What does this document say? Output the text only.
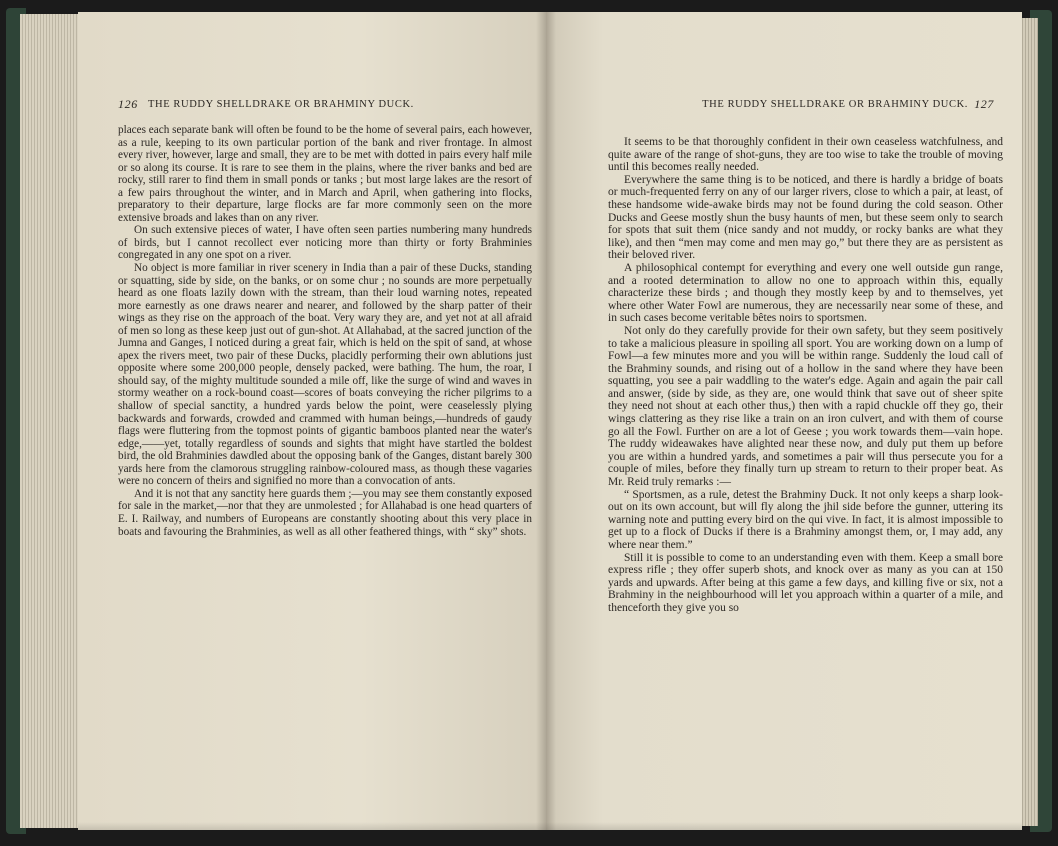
126 THE RUDDY SHELLDRAKE OR BRAHMINY DUCK.

places each separate bank will often be found to be the home of several pairs, each however, as a rule, keeping to its own particular portion of the bank and river frontage. In almost every river, however, large and small, they are to be met with dotted in pairs every half mile or so along its course. It is rare to see them in the plains, where the river banks and bed are rocky, still rarer to find them in small ponds or tanks ; but most large lakes are the resort of a few pairs throughout the winter, and in March and April, when gathering into flocks, preparatory to their departure, large flocks are far more commonly seen on the more extensive broads and lakes than on any river.

On such extensive pieces of water, I have often seen parties numbering many hundreds of birds, but I cannot recollect ever noticing more than thirty or forty Brahminies congregated in any one spot on a river.

No object is more familiar in river scenery in India than a pair of these Ducks, standing or squatting, side by side, on the banks, or on some chur ; no sounds are more perpetually heard as one floats lazily down with the stream, than their loud warning notes, repeated more earnestly as one draws nearer and nearer, and followed by the sharp patter of their wings as they rise on the approach of the boat. Very wary they are, and yet not at all afraid of men so long as these keep just out of gun-shot. At Allahabad, at the sacred junction of the Jumna and Ganges, I noticed during a great fair, which is held on the spit of sand, at whose apex the rivers meet, two pair of these Ducks, placidly performing their own ablutions just opposite where some 200,000 people, densely packed, were bathing. The hum, the roar, I should say, of the mighty multitude sounded a mile off, like the surge of wind and waves in stormy weather on a rock-bound coast—scores of boats conveying the richer pilgrims to a shallow of special sanctity, a hundred yards below the point, were ceaselessly plying backwards and forwards, crowded and crammed with human beings,—hundreds of gaudy flags were fluttering from the topmost points of gigantic bamboos planted near the water's edge,——yet, totally regardless of sounds and sights that might have startled the boldest bird, the old Brahminies dawdled about the opposing bank of the Ganges, distant barely 300 yards here from the clamorous struggling rainbow-coloured mass, as though these vagaries were no concern of theirs and signified no more than a convocation of ants.

And it is not that any sanctity here guards them ;—you may see them constantly exposed for sale in the market,—nor that they are unmolested ; for Allahabad is one head quarters of E. I. Railway, and numbers of Europeans are constantly shooting about this very place in boats and favouring the Brahminies, as well as all other feathered things, with “ sky” shots.

THE RUDDY SHELLDRAKE OR BRAHMINY DUCK. 127

It seems to be that thoroughly confident in their own ceaseless watchfulness, and quite aware of the range of shot-guns, they are too wise to take the trouble of moving until this becomes really needed.

Everywhere the same thing is to be noticed, and there is hardly a bridge of boats or much-frequented ferry on any of our larger rivers, close to which a pair, at least, of these handsome wide-awake birds may not be found during the cold season. Other Ducks and Geese mostly shun the busy haunts of men, but these seem only to search for spots that suit them (nice sandy and not muddy, or rocky banks are what they like), and then “men may come and men may go,” but there they are as persistent as their beloved river.

A philosophical contempt for everything and every one well outside gun range, and a rooted determination to allow no one to approach within this, equally characterize these birds ; and though they mostly keep by and to themselves, yet where other Water Fowl are numerous, they are necessarily near some of these, and in such cases become veritable bêtes noirs to sportsmen.

Not only do they carefully provide for their own safety, but they seem positively to take a malicious pleasure in spoiling all sport. You are working down on a lump of Fowl—a few minutes more and you will be within range. Suddenly the loud call of the Brahminy sounds, and rising out of a hollow in the sand where they have been squatting, you see a pair waddling to the water's edge. Again and again the pair call and answer, (side by side, as they are, one would think that save out of sheer spite they need not shout at each other thus,) then with a rapid chuckle off they go, their wings clattering as they rise like a train on an iron culvert, and with them of course go all the Fowl. Further on are a lot of Geese ; you work towards them—vain hope. The ruddy wideawakes have alighted near these now, and duly put them up before you are within a hundred yards, and sometimes a pair will thus persecute you for a couple of miles, before they finally turn up stream to return to their proper beat. As Mr. Reid truly remarks :—

“ Sportsmen, as a rule, detest the Brahminy Duck. It not only keeps a sharp look-out on its own account, but will fly along the jhil side before the gunner, uttering its warning note and putting every bird on the qui vive. In fact, it is almost impossible to get up to a flock of Ducks if there is a Brahminy amongst them, or, I may add, any where near them.”

Still it is possible to come to an understanding even with them. Keep a small bore express rifle ; they offer superb shots, and knock over as many as you can at 150 yards and upwards. After being at this game a few days, and killing five or six, not a Brahminy in the neighbourhood will let you approach within a quarter of a mile, and thenceforth they give you so
